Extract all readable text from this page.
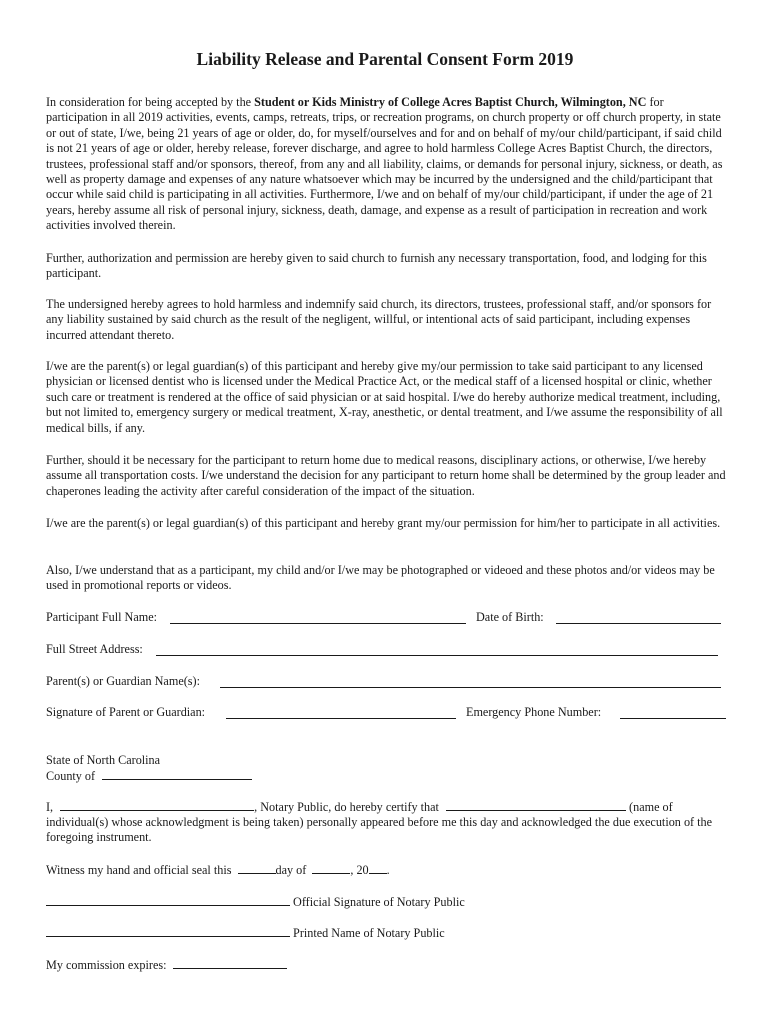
Liability Release and Parental Consent Form 2019

In consideration for being accepted by the Student or Kids Ministry of College Acres Baptist Church, Wilmington, NC for participation in all 2019 activities, events, camps, retreats, trips, or recreation programs, on church property or off church property, in state or out of state, I/we, being 21 years of age or older, do, for myself/ourselves and for and on behalf of my/our child/participant, if said child is not 21 years of age or older, hereby release, forever discharge, and agree to hold harmless College Acres Baptist Church, the directors, trustees, professional staff and/or sponsors, thereof, from any and all liability, claims, or demands for personal injury, sickness, or death, as well as property damage and expenses of any nature whatsoever which may be incurred by the undersigned and the child/participant that occur while said child is participating in all activities. Furthermore, I/we and on behalf of my/our child/participant, if under the age of 21 years, hereby assume all risk of personal injury, sickness, death, damage, and expense as a result of participation in recreation and work activities involved therein.

Further, authorization and permission are hereby given to said church to furnish any necessary transportation, food, and lodging for this participant.

The undersigned hereby agrees to hold harmless and indemnify said church, its directors, trustees, professional staff, and/or sponsors for any liability sustained by said church as the result of the negligent, willful, or intentional acts of said participant, including expenses incurred attendant thereto.

I/we are the parent(s) or legal guardian(s) of this participant and hereby give my/our permission to take said participant to any licensed physician or licensed dentist who is licensed under the Medical Practice Act, or the medical staff of a licensed hospital or clinic, whether such care or treatment is rendered at the office of said physician or at said hospital. I/we do hereby authorize medical treatment, including, but not limited to, emergency surgery or medical treatment, X-ray, anesthetic, or dental treatment, and I/we assume the responsibility of all medical bills, if any.

Further, should it be necessary for the participant to return home due to medical reasons, disciplinary actions, or otherwise, I/we hereby assume all transportation costs. I/we understand the decision for any participant to return home shall be determined by the group leader and chaperones leading the activity after careful consideration of the impact of the situation.

I/we are the parent(s) or legal guardian(s) of this participant and hereby grant my/our permission for him/her to participate in all activities.

Also, I/we understand that as a participant, my child and/or I/we may be photographed or videoed and these photos and/or videos may be used in promotional reports or videos.

Participant Full Name:	Date of Birth:
Full Street Address:
Parent(s) or Guardian Name(s):
Signature of Parent or Guardian:	Emergency Phone Number:
State of North Carolina
County of
I,	, Notary Public, do hereby certify that	(name of

individual(s) whose acknowledgment is being taken) personally appeared before me this day and acknowledged the due execution of the foregoing instrument.

Witness my hand and official seal this	day of	, 20 .
Official Signature of Notary Public
Printed Name of Notary Public
My commission expires:
